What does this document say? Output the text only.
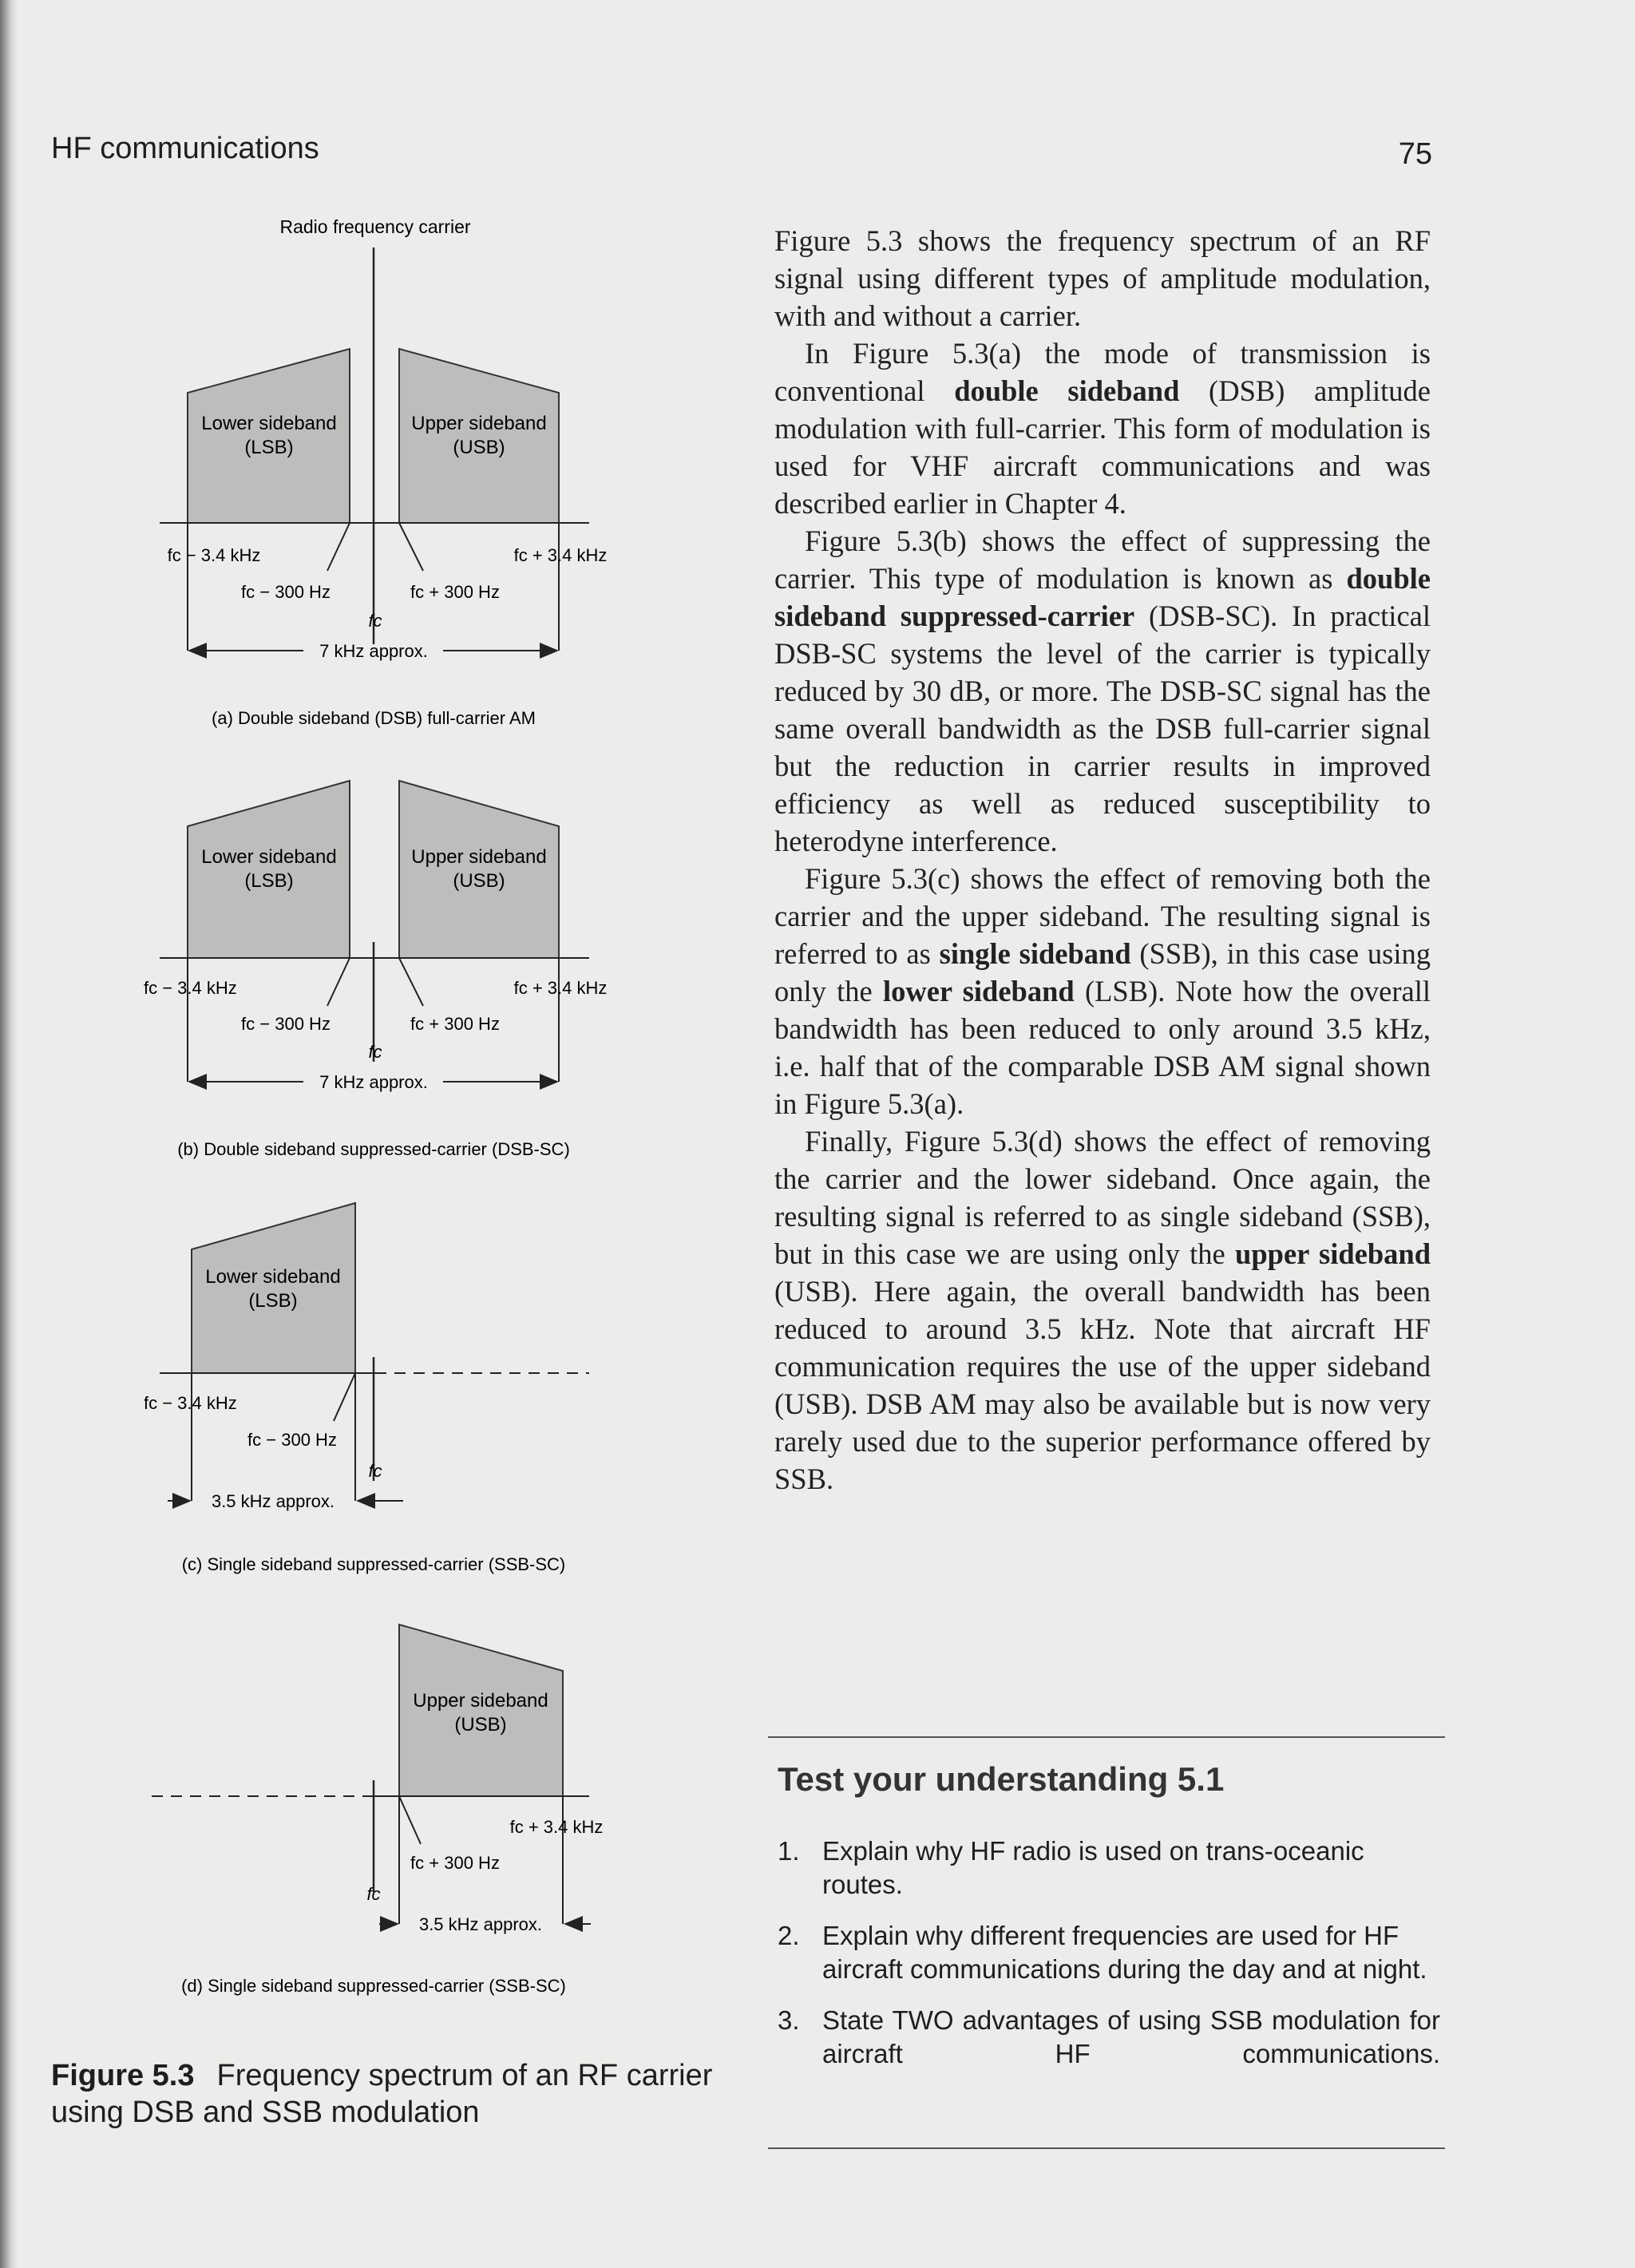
HF communications	75
Radio frequency carrier
Lower sideband
(LSB)
Upper sideband
(USB)
fc − 3.4 kHz	fc + 3.4 kHz
fc − 300 Hz	fc + 300 Hz
fc
7 kHz approx.
(a) Double sideband (DSB) full-carrier AM
Lower sideband
(LSB)
Upper sideband
(USB)
fc − 3.4 kHz	fc + 3.4 kHz
fc − 300 Hz	fc + 300 Hz
fc
7 kHz approx.
(b) Double sideband suppressed-carrier (DSB-SC)
Lower sideband
(LSB)
fc − 3.4 kHz
fc − 300 Hz
fc
3.5 kHz approx.
(c) Single sideband suppressed-carrier (SSB-SC)
Upper sideband
(USB)
fc + 3.4 kHz
fc + 300 Hz
fc
3.5 kHz approx.
(d) Single sideband suppressed-carrier (SSB-SC)
Figure 5.3 Frequency spectrum of an RF carrier using DSB and SSB modulation

Figure 5.3 shows the frequency spectrum of an RF signal using different types of amplitude modulation, with and without a carrier.

In Figure 5.3(a) the mode of transmission is conventional double sideband (DSB) amplitude modulation with full-carrier. This form of modulation is used for VHF aircraft communications and was described earlier in Chapter 4.

Figure 5.3(b) shows the effect of suppressing the carrier. This type of modulation is known as double sideband suppressed-carrier (DSB-SC). In practical DSB-SC systems the level of the carrier is typically reduced by 30 dB, or more. The DSB-SC signal has the same overall bandwidth as the DSB full-carrier signal but the reduction in carrier results in improved efficiency as well as reduced susceptibility to heterodyne interference.

Figure 5.3(c) shows the effect of removing both the carrier and the upper sideband. The resulting signal is referred to as single sideband (SSB), in this case using only the lower sideband (LSB). Note how the overall bandwidth has been reduced to only around 3.5 kHz, i.e. half that of the comparable DSB AM signal shown in Figure 5.3(a).

Finally, Figure 5.3(d) shows the effect of removing the carrier and the lower sideband. Once again, the resulting signal is referred to as single sideband (SSB), but in this case we are using only the upper sideband (USB). Here again, the overall bandwidth has been reduced to around 3.5 kHz. Note that aircraft HF communication requires the use of the upper sideband (USB). DSB AM may also be available but is now very rarely used due to the superior performance offered by SSB.

Test your understanding 5.1
1. Explain why HF radio is used on trans-oceanic routes.
2. Explain why different frequencies are used for HF aircraft communications during the day and at night.
3. State TWO advantages of using SSB modulation for aircraft HF communications.
